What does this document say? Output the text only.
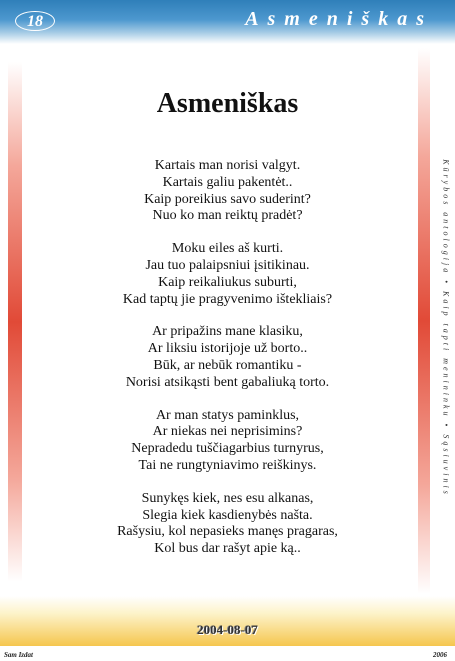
18	Asmeniškas
Kūrybos antologija • Kaip tapti menininku • Sąsiuvinis
Asmeniškas
Kartais man norisi valgyt.
Kartais galiu pakentėt..
Kaip poreikius savo suderint?
Nuo ko man reiktų pradėt?
Moku eiles aš kurti.
Jau tuo palaipsniui įsitikinau.
Kaip reikaliukus suburti,
Kad taptų jie pragyvenimo ištekliais?
Ar pripažins mane klasiku,
Ar liksiu istorijoje už borto..
Būk, ar nebūk romantiku -
Norisi atsikąsti bent gabaliuką torto.
Ar man statys paminklus,
Ar niekas nei neprisimins?
Nepradedu tuščiagarbius turnyrus,
Tai ne rungtyniavimo reiškinys.
Sunykęs kiek, nes esu alkanas,
Slegia kiek kasdienybės našta.
Rašysiu, kol nepasieks manęs pragaras,
Kol bus dar rašyt apie ką..
2004-08-07
Sam Izdat	2006
